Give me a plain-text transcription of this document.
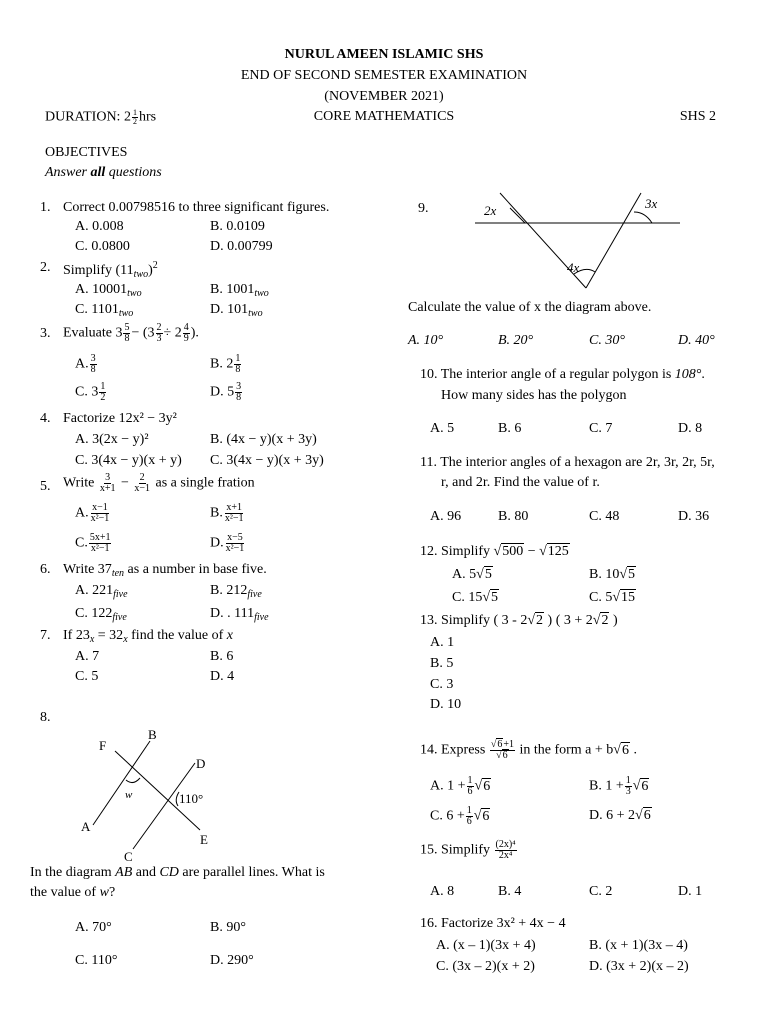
NURUL AMEEN ISLAMIC SHS
END OF SECOND SEMESTER EXAMINATION
(NOVEMBER 2021)
DURATION: $2 \frac{1}{2}$ hrs	CORE MATHEMATICS	SHS 2
OBJECTIVES
Answer all questions
1. Correct 0.00798516 to three significant figures.
A. 0.008	B. 0.0109
C. 0.0800	D. 0.00799
2. Simplify $(11_{two})^2$
A. $10001_{two}$	B. $1001_{two}$
C. $1101_{two}$	D. $101_{two}$
3. Evaluate $3 \frac{5}{8} - (3 \frac{2}{3} \div 2 \frac{4}{9}$ ).
A. $\frac{3}{8}$	B. $2 \frac{1}{8}$
C. $3 \frac{1}{2}$	D. $5 \frac{3}{8}$
4. Factorize 12x² − 3y²
A. 3(2x − y)²	B. (4x − y)(x + 3y)
C. 3(4x − y)(x + y) C. 3(4x − y)(x + 3y)
5. Write $\frac{3}{x+1} - \frac{2}{x-1}$ as a single fration
A. $\frac{x-1}{\text{x²−1}}$	B. $\frac{x+1}{\text{x²−1}}$
C. $\frac{5x+1}{\text{x²−1}}$	D. $\frac{x-5}{\text{x²−1}}$
6. Write $37_{ten}$ as a number in base five.
A. $221_{five}$	B. $212_{five}$
C. $122_{five}$	D. . $111_{five}$
7. If $23_x = 32_x$ find the value of x
A. 7	B. 6
C. 5	D. 4
8.
F
B
D
A
E
C
w	110°
In the diagram AB and CD are parallel lines. What is
the value of w?
A. 70°	B. 90°
C. 110°	D. 290°
9.	2x	3x
4x
Calculate the value of x the diagram above.
A. 10°	B. 20°	C. 30°	D. 40°
10. The interior angle of a regular polygon is 108°.
How many sides has the polygon
A. 5	B. 6	C. 7	D. 8
11. The interior angles of a hexagon are 2r, 3r, 2r, 5r,
r, and 2r. Find the value of r.
A. 96	B. 80	C. 48	D. 36
12. Simplify √500 − √125
A. 5√5	B. 10√5
C. 15√5	C. 5√15
13. Simplify ( 3 - 2√2 ) ( 3 + 2√2 )
A. 1
B. 5
C. 3
D. 10
14. Express $\frac{√6+1}{√6}$ in the form a + b√6 .
A. $1 + \frac{1}{6} √6$	B. $1 + \frac{1}{3} √6$
C. $6 + \frac{1}{6} √6$	D. 6 + 2√6
15. Simplify $\frac{\text{(2x)⁴}}{\text{2x⁴}}$
A. 8	B. 4	C. 2	D. 1
16. Factorize 3x² + 4x − 4
A. (x – 1)(3x + 4)	B. (x + 1)(3x – 4)
C. (3x – 2)(x + 2)	D. (3x + 2)(x – 2)
